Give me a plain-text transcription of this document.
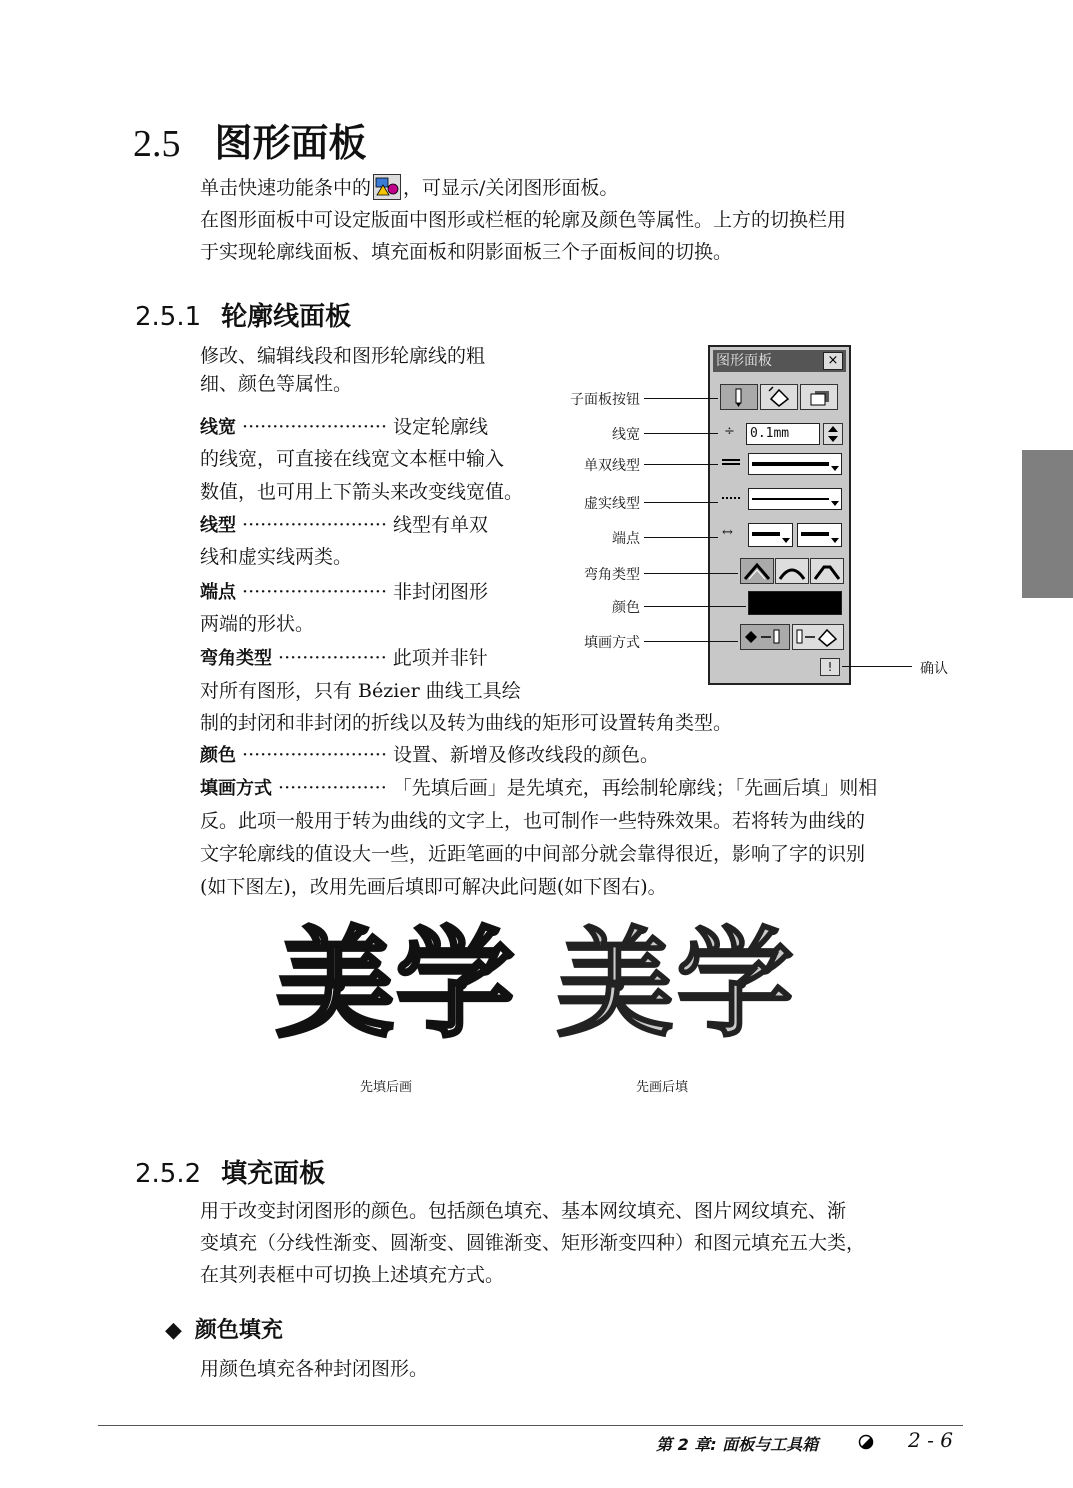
2.5 图形面板
单击快速功能条中的 ，可显示/关闭图形面板。
在图形面板中可设定版面中图形或栏框的轮廓及颜色等属性。上方的切换栏用
于实现轮廓线面板、填充面板和阴影面板三个子面板间的切换。
2.5.1 轮廓线面板
修改、编辑线段和图形轮廓线的粗
细、颜色等属性。
线宽 ························ 设定轮廓线
的线宽，可直接在线宽文本框中输入
数值，也可用上下箭头来改变线宽值。
线型 ························ 线型有单双
线和虚实线两类。
端点 ························ 非封闭图形
两端的形状。
弯角类型 ·················· 此项并非针
对所有图形，只有 Bézier 曲线工具绘
制的封闭和非封闭的折线以及转为曲线的矩形可设置转角类型。
颜色 ························ 设置、新增及修改线段的颜色。
填画方式 ·················· 「先填后画」是先填充，再绘制轮廓线；「先画后填」则相
反。此项一般用于转为曲线的文字上，也可制作一些特殊效果。若将转为曲线的
文字轮廓线的值设大一些，近距笔画的中间部分就会靠得很近，影响了字的识别
(如下图左)，改用先画后填即可解决此问题(如下图右)。
图形面板	×
÷	0.1mm
↔
!
子面板按钮
线宽
单双线型
虚实线型
端点
弯角类型
颜色
填画方式
确认
美学 美学
先填后画	先画后填
2.5.2 填充面板
用于改变封闭图形的颜色。包括颜色填充、基本网纹填充、图片网纹填充、渐
变填充（分线性渐变、圆渐变、圆锥渐变、矩形渐变四种）和图元填充五大类，
在其列表框中可切换上述填充方式。
◆ 颜色填充
用颜色填充各种封闭图形。
第 2 章: 面板与工具箱	2 - 6
